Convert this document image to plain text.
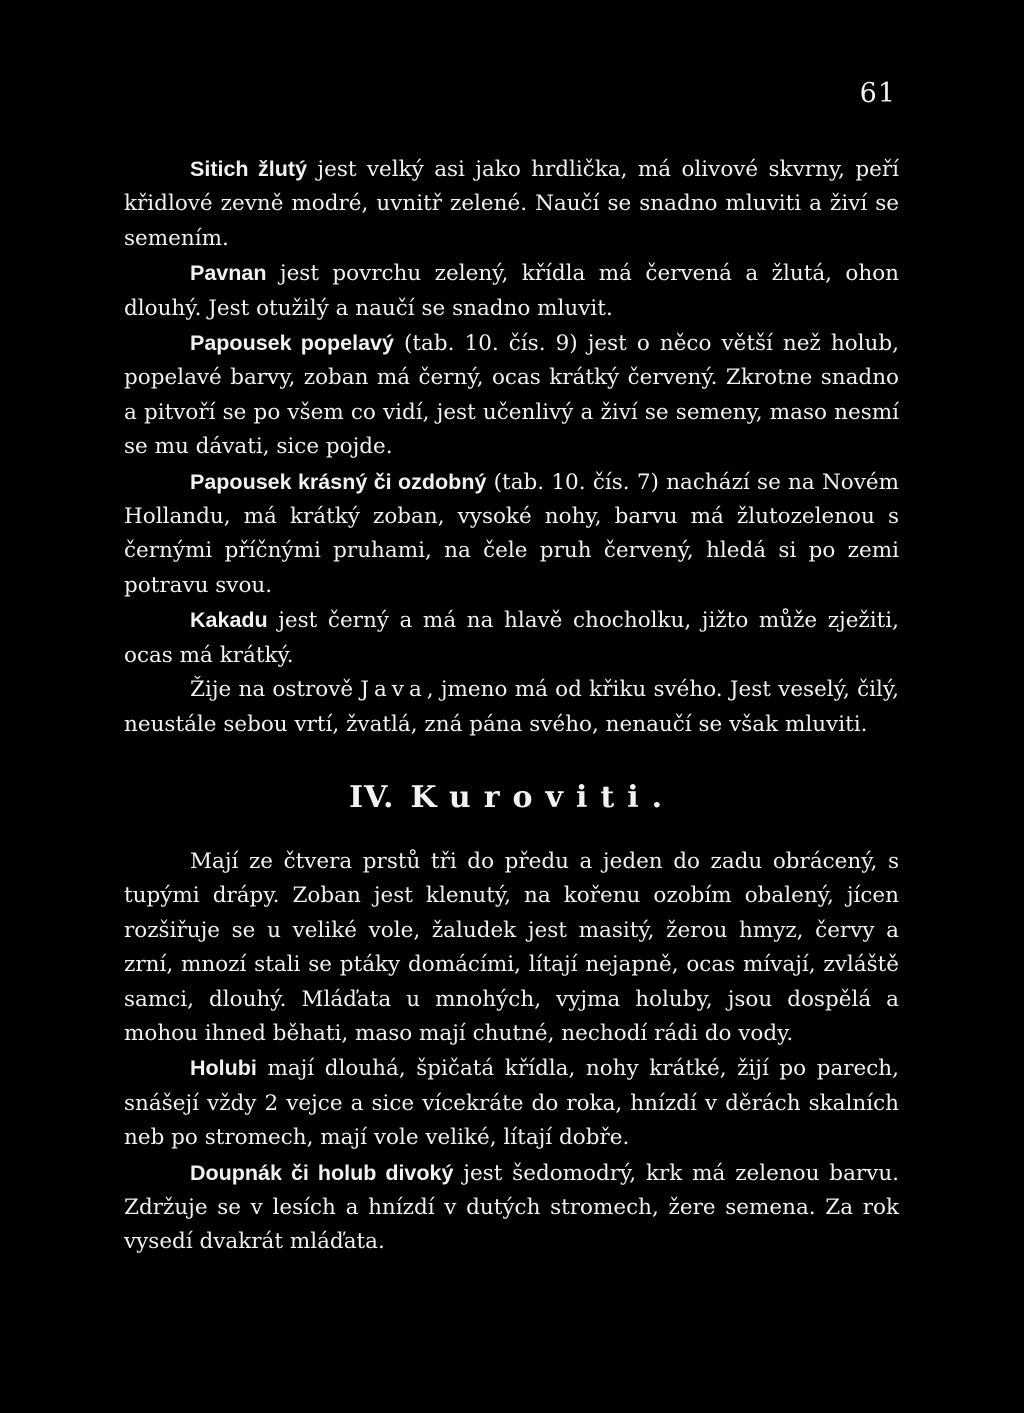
61

Sitich žlutý jest velký asi jako hrdlička, má olivové skvrny, peří křidlové zevně modré, uvnitř zelené. Naučí se snadno mluviti a živí se semením.

Pavnan jest povrchu zelený, křídla má červená a žlutá, ohon dlouhý. Jest otužilý a naučí se snadno mluvit.

Papousek popelavý (tab. 10. čís. 9) jest o něco větší než holub, popelavé barvy, zoban má černý, ocas krátký červený. Zkrotne snadno a pitvoří se po všem co vidí, jest učenlivý a živí se semeny, maso nesmí se mu dávati, sice pojde.

Papousek krásný či ozdobný (tab. 10. čís. 7) nachází se na Novém Hollandu, má krátký zoban, vysoké nohy, barvu má žlutozelenou s černými příčnými pruhami, na čele pruh červený, hledá si po zemi potravu svou.

Kakadu jest černý a má na hlavě chocholku, jižto může zježiti, ocas má krátký.

Žije na ostrově Java, jmeno má od křiku svého. Jest veselý, čilý, neustále sebou vrtí, žvatlá, zná pána svého, nenaučí se však mluviti.

IV. Kuroviti.

Mají ze čtvera prstů tři do předu a jeden do zadu obrácený, s tupými drápy. Zoban jest klenutý, na kořenu ozobím obalený, jícen rozšiřuje se u veliké vole, žaludek jest masitý, žerou hmyz, červy a zrní, mnozí stali se ptáky domácími, lítají nejapně, ocas mívají, zvláště samci, dlouhý. Mláďata u mnohých, vyjma holuby, jsou dospělá a mohou ihned běhati, maso mají chutné, nechodí rádi do vody.

Holubi mají dlouhá, špičatá křídla, nohy krátké, žijí po parech, snášejí vždy 2 vejce a sice vícekráte do roka, hnízdí v děrách skalních neb po stromech, mají vole veliké, lítají dobře.

Doupnák či holub divoký jest šedomodrý, krk má zelenou barvu. Zdržuje se v lesích a hnízdí v dutých stromech, žere semena. Za rok vysedí dvakrát mláďata.
